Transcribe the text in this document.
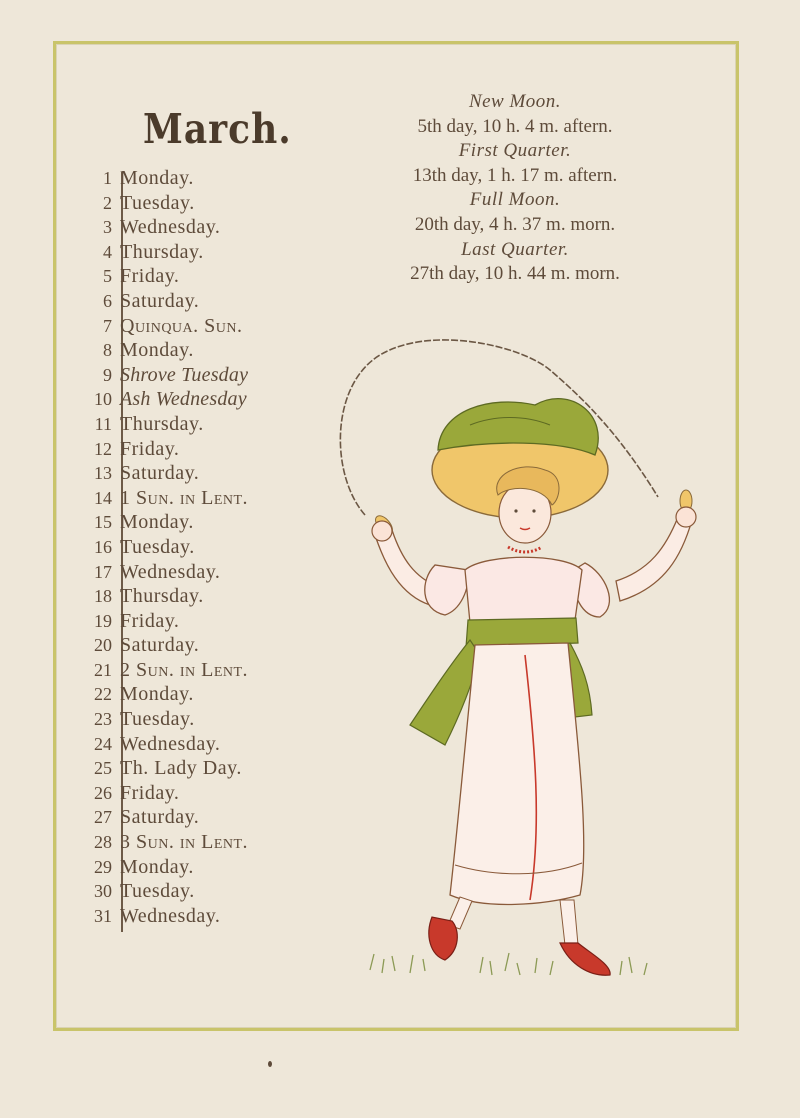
March.
1 Monday.
2 Tuesday.
3 Wednesday.
4 Thursday.
5 Friday.
6 Saturday.
7 Quinqua. Sun.
8 Monday.
9 Shrove Tuesday
10 Ash Wednesday
11 Thursday.
12 Friday.
13 Saturday.
14 1 Sun. in Lent.
15 Monday.
16 Tuesday.
17 Wednesday.
18 Thursday.
19 Friday.
20 Saturday.
21 2 Sun. in Lent.
22 Monday.
23 Tuesday.
24 Wednesday.
25 Th. Lady Day.
26 Friday.
27 Saturday.
28 3 Sun. in Lent.
29 Monday.
30 Tuesday.
31 Wednesday.
New Moon.
5th day, 10 h. 4 m. aftern.
First Quarter.
13th day, 1 h. 17 m. aftern.
Full Moon.
20th day, 4 h. 37 m. morn.
Last Quarter.
27th day, 10 h. 44 m. morn.
